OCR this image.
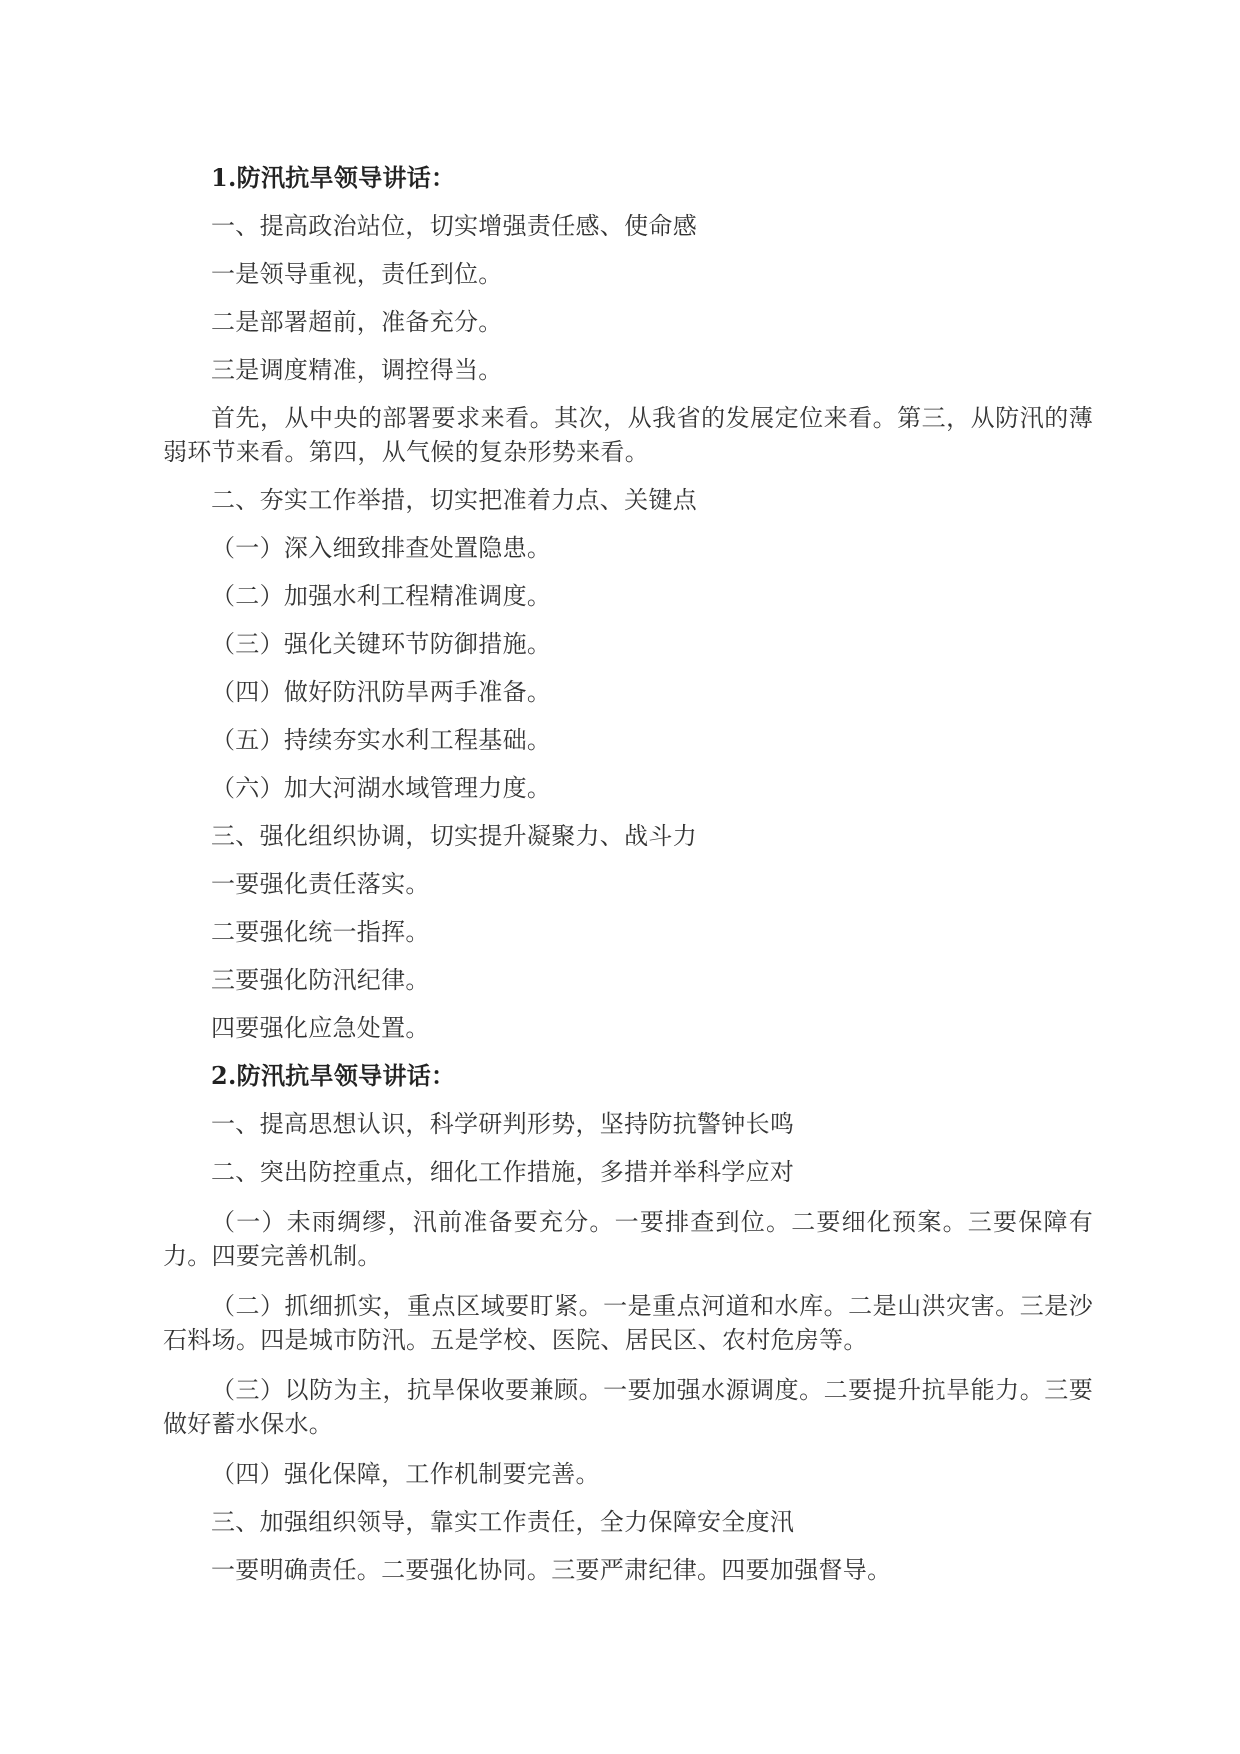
1.防汛抗旱领导讲话：

一、提高政治站位，切实增强责任感、使命感

一是领导重视，责任到位。

二是部署超前，准备充分。

三是调度精准，调控得当。

首先，从中央的部署要求来看。其次，从我省的发展定位来看。第三，从防汛的薄弱环节来看。第四，从气候的复杂形势来看。

二、夯实工作举措，切实把准着力点、关键点

（一）深入细致排查处置隐患。

（二）加强水利工程精准调度。

（三）强化关键环节防御措施。

（四）做好防汛防旱两手准备。

（五）持续夯实水利工程基础。

（六）加大河湖水域管理力度。

三、强化组织协调，切实提升凝聚力、战斗力

一要强化责任落实。

二要强化统一指挥。

三要强化防汛纪律。

四要强化应急处置。

2.防汛抗旱领导讲话：

一、提高思想认识，科学研判形势，坚持防抗警钟长鸣

二、突出防控重点，细化工作措施，多措并举科学应对

（一）未雨绸缪，汛前准备要充分。一要排查到位。二要细化预案。三要保障有力。四要完善机制。

（二）抓细抓实，重点区域要盯紧。一是重点河道和水库。二是山洪灾害。三是沙石料场。四是城市防汛。五是学校、医院、居民区、农村危房等。

（三）以防为主，抗旱保收要兼顾。一要加强水源调度。二要提升抗旱能力。三要做好蓄水保水。

（四）强化保障，工作机制要完善。

三、加强组织领导，靠实工作责任，全力保障安全度汛

一要明确责任。二要强化协同。三要严肃纪律。四要加强督导。
